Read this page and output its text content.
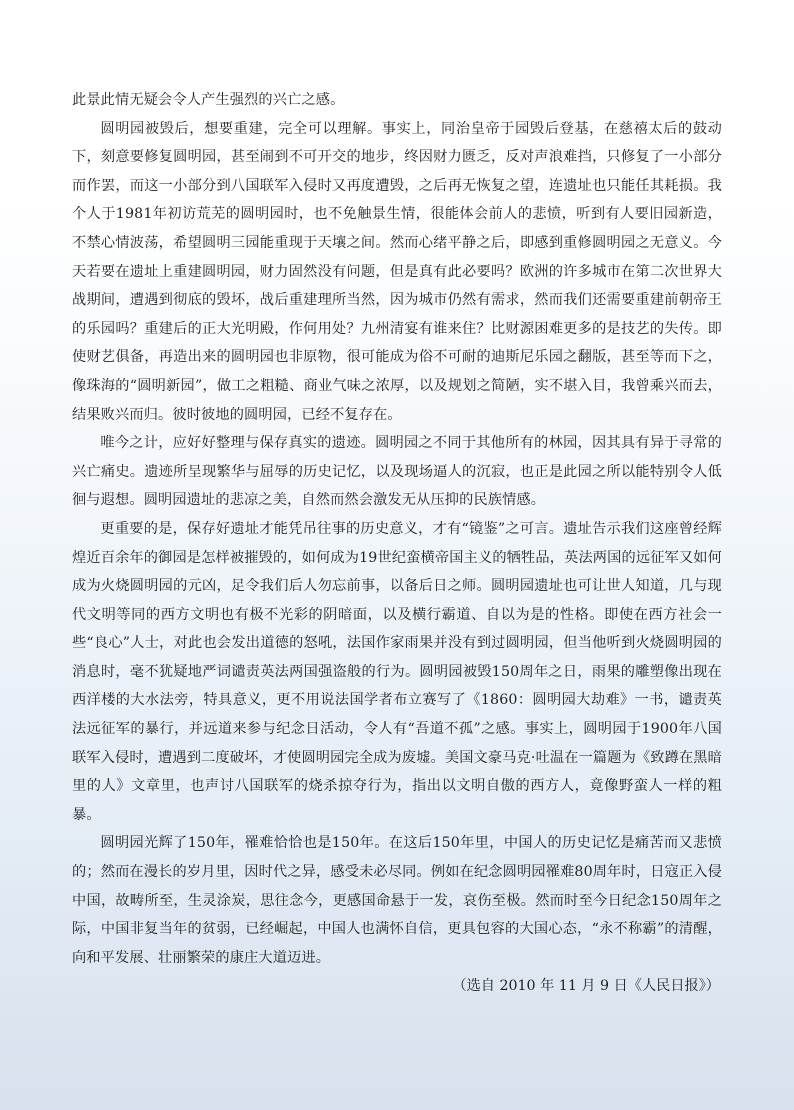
此景此情无疑会令人产生强烈的兴亡之感。

圆明园被毁后，想要重建，完全可以理解。事实上，同治皇帝于园毁后登基，在慈禧太后的鼓动下，刻意要修复圆明园，甚至闹到不可开交的地步，终因财力匮乏，反对声浪难挡，只修复了一小部分而作罢，而这一小部分到八国联军入侵时又再度遭毁，之后再无恢复之望，连遗址也只能任其耗损。我个人于1981年初访荒芜的圆明园时，也不免触景生情，很能体会前人的悲愤，听到有人要旧园新造，不禁心情波荡，希望圆明三园能重现于天壤之间。然而心绪平静之后，即感到重修圆明园之无意义。今天若要在遗址上重建圆明园，财力固然没有问题，但是真有此必要吗？欧洲的许多城市在第二次世界大战期间，遭遇到彻底的毁坏，战后重建理所当然，因为城市仍然有需求，然而我们还需要重建前朝帝王的乐园吗？重建后的正大光明殿，作何用处？九州清宴有谁来住？比财源困难更多的是技艺的失传。即使财艺俱备，再造出来的圆明园也非原物，很可能成为俗不可耐的迪斯尼乐园之翻版，甚至等而下之，像珠海的“圆明新园”，做工之粗糙、商业气味之浓厚，以及规划之简陋，实不堪入目，我曾乘兴而去，结果败兴而归。彼时彼地的圆明园，已经不复存在。

唯今之计，应好好整理与保存真实的遗迹。圆明园之不同于其他所有的林园，因其具有异于寻常的兴亡痛史。遗迹所呈现繁华与屈辱的历史记忆，以及现场逼人的沉寂，也正是此园之所以能特别令人低徊与遐想。圆明园遗址的悲凉之美，自然而然会激发无从压抑的民族情感。

更重要的是，保存好遗址才能凭吊往事的历史意义，才有“镜鉴”之可言。遗址告示我们这座曾经辉煌近百余年的御园是怎样被摧毁的，如何成为19世纪蛮横帝国主义的牺牲品，英法两国的远征军又如何成为火烧圆明园的元凶，足令我们后人勿忘前事，以备后日之师。圆明园遗址也可让世人知道，几与现代文明等同的西方文明也有极不光彩的阴暗面，以及横行霸道、自以为是的性格。即使在西方社会一些“良心”人士，对此也会发出道德的怒吼，法国作家雨果并没有到过圆明园，但当他听到火烧圆明园的消息时，毫不犹疑地严词谴责英法两国强盗般的行为。圆明园被毁150周年之日，雨果的雕塑像出现在西洋楼的大水法旁，特具意义，更不用说法国学者布立赛写了《1860：圆明园大劫难》一书，谴责英法远征军的暴行，并远道来参与纪念日活动，令人有“吾道不孤”之感。事实上，圆明园于1900年八国联军入侵时，遭遇到二度破坏，才使圆明园完全成为废墟。美国文豪马克·吐温在一篇题为《致蹲在黑暗里的人》文章里，也声讨八国联军的烧杀掠夺行为，指出以文明自傲的西方人，竟像野蛮人一样的粗暴。

圆明园光辉了150年，罹难恰恰也是150年。在这后150年里，中国人的历史记忆是痛苦而又悲愤的；然而在漫长的岁月里，因时代之异，感受未必尽同。例如在纪念圆明园罹难80周年时，日寇正入侵中国，故畴所至，生灵涂炭，思往念今，更感国命悬于一发，哀伤至极。然而时至今日纪念150周年之际，中国非复当年的贫弱，已经崛起，中国人也满怀自信，更具包容的大国心态，“永不称霸”的清醒，向和平发展、壮丽繁荣的康庄大道迈进。

（选自 2010 年 11 月 9 日《人民日报》）
